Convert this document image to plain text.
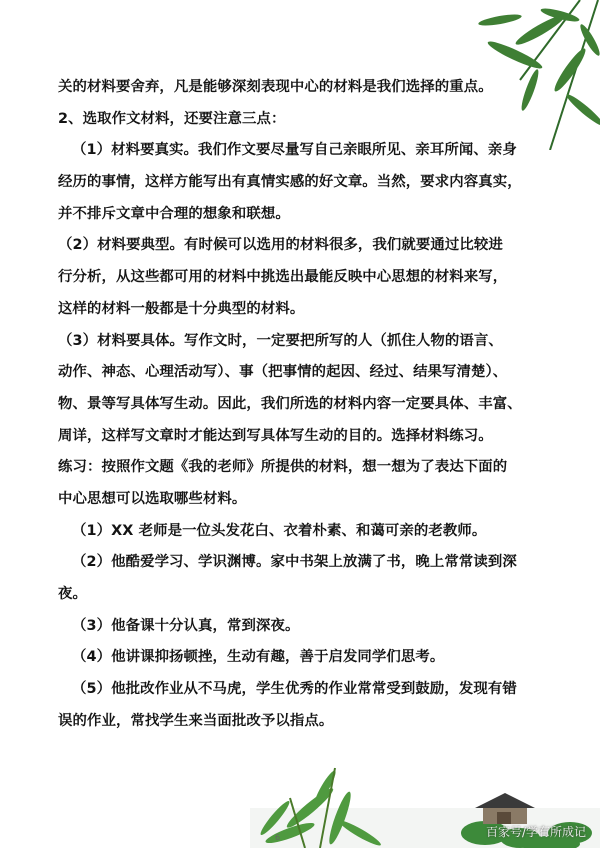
关的材料要舍弃，凡是能够深刻表现中心的材料是我们选择的重点。
2、选取作文材料，还要注意三点：
（1）材料要真实。我们作文要尽量写自己亲眼所见、亲耳所闻、亲身
经历的事情，这样方能写出有真情实感的好文章。当然，要求内容真实，
并不排斥文章中合理的想象和联想。
（2）材料要典型。有时候可以选用的材料很多，我们就要通过比较进
行分析，从这些都可用的材料中挑选出最能反映中心思想的材料来写，
这样的材料一般都是十分典型的材料。
（3）材料要具体。写作文时，一定要把所写的人（抓住人物的语言、
动作、神态、心理活动写）、事（把事情的起因、经过、结果写清楚）、
物、景等写具体写生动。因此，我们所选的材料内容一定要具体、丰富、
周详，这样写文章时才能达到写具体写生动的目的。选择材料练习。
练习：按照作文题《我的老师》所提供的材料，想一想为了表达下面的
中心思想可以选取哪些材料。
（1）XX 老师是一位头发花白、衣着朴素、和蔼可亲的老教师。
（2）他酷爱学习、学识渊博。家中书架上放满了书，晚上常常读到深
夜。
（3）他备课十分认真，常到深夜。
（4）他讲课抑扬顿挫，生动有趣，善于启发同学们思考。
（5）他批改作业从不马虎，学生优秀的作业常常受到鼓励，发现有错
误的作业，常找学生来当面批改予以指点。
6	百家号/学有所成记
